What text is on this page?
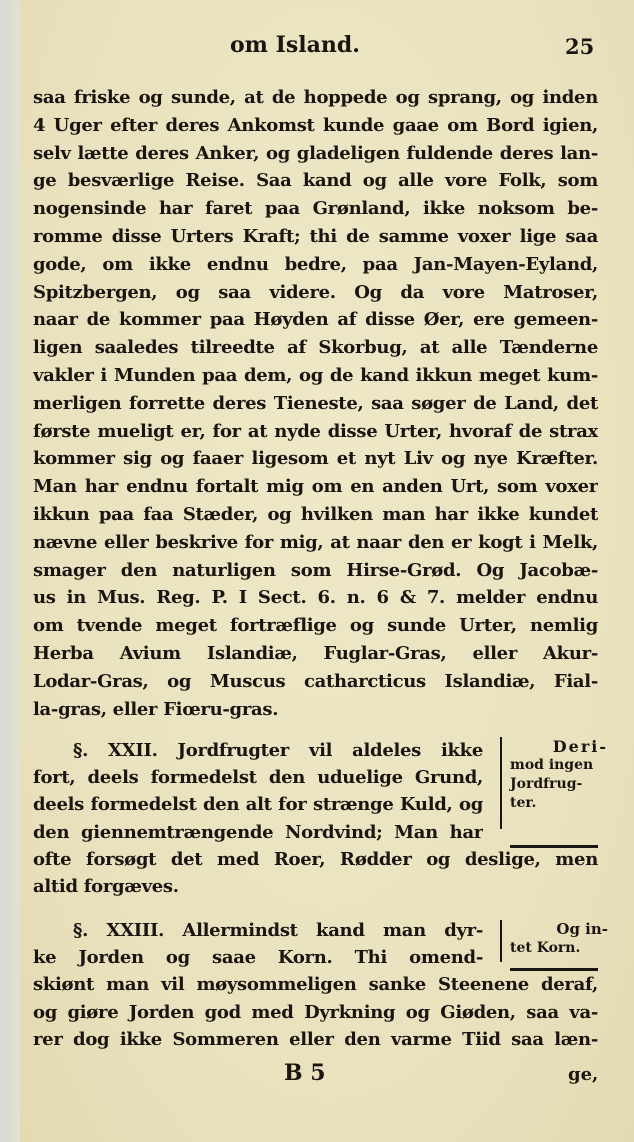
om Island.	25
saa friske og sunde, at de hoppede og sprang, og inden
4 Uger efter deres Ankomst kunde gaae om Bord igien,
selv lætte deres Anker, og gladeligen fuldende deres lan-
ge besværlige Reise. Saa kand og alle vore Folk, som
nogensinde har faret paa Grønland, ikke noksom be-
romme disse Urters Kraft; thi de samme voxer lige saa
gode, om ikke endnu bedre, paa Jan-Mayen-Eyland,
Spitzbergen, og saa videre. Og da vore Matroser,
naar de kommer paa Høyden af disse Øer, ere gemeen-
ligen saaledes tilreedte af Skorbug, at alle Tænderne
vakler i Munden paa dem, og de kand ikkun meget kum-
merligen forrette deres Tieneste, saa søger de Land, det
første mueligt er, for at nyde disse Urter, hvoraf de strax
kommer sig og faaer ligesom et nyt Liv og nye Kræfter.
Man har endnu fortalt mig om en anden Urt, som voxer
ikkun paa faa Stæder, og hvilken man har ikke kundet
nævne eller beskrive for mig, at naar den er kogt i Melk,
smager den naturligen som Hirse-Grød. Og Jacobæ-
us in Mus. Reg. P. I Sect. 6. n. 6 & 7. melder endnu
om tvende meget fortræflige og sunde Urter, nemlig
Herba Avium Islandiæ, Fuglar-Gras, eller Akur-
Lodar-Gras, og Muscus catharcticus Islandiæ, Fial-
la-gras, eller Fiœru-gras.
§. XXII. Jordfrugter vil aldeles ikke
fort, deels formedelst den uduelige Grund,
deels formedelst den alt for strænge Kuld, og
den giennemtrængende Nordvind; Man har
ofte forsøgt det med Roer, Rødder og deslige, men
altid forgæves.
Deri-
mod ingen
Jordfrug-
ter.
§. XXIII. Allermindst kand man dyr-
ke Jorden og saae Korn. Thi omend-
skiønt man vil møysommeligen sanke Steenene deraf,
og giøre Jorden god med Dyrkning og Giøden, saa va-
rer dog ikke Sommeren eller den varme Tiid saa læn-
Og in-
tet Korn.
B 5	ge,
